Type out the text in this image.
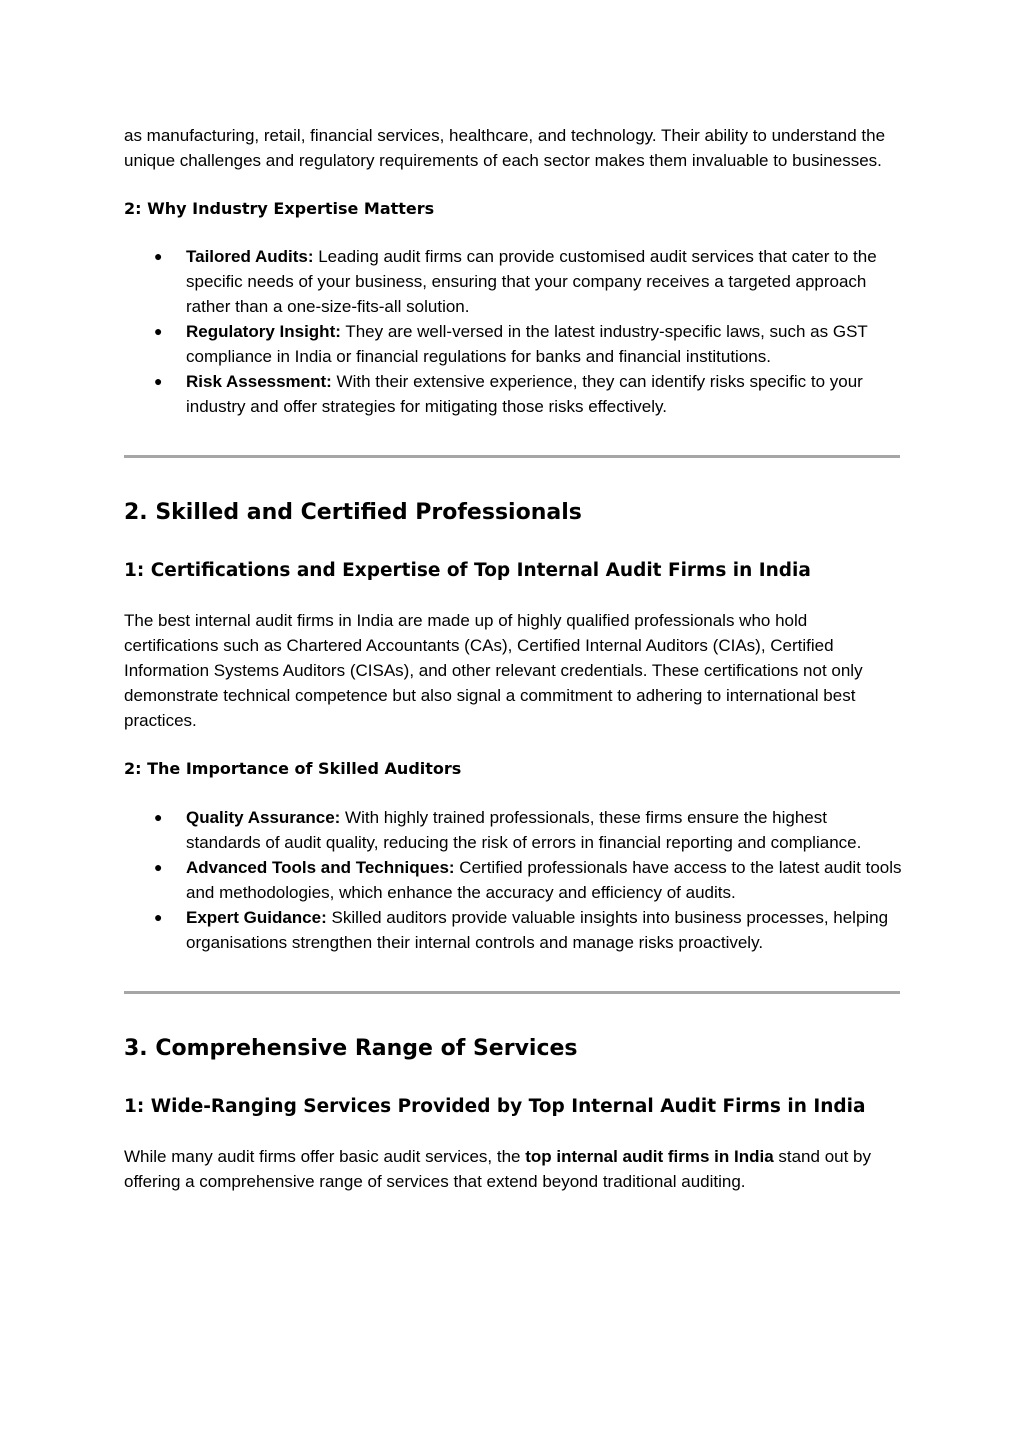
as manufacturing, retail, financial services, healthcare, and technology. Their ability to understand the unique challenges and regulatory requirements of each sector makes them invaluable to businesses.

2: Why Industry Expertise Matters
● Tailored Audits: Leading audit firms can provide customised audit services that cater to the specific needs of your business, ensuring that your company receives a targeted approach rather than a one-size-fits-all solution.
● Regulatory Insight: They are well-versed in the latest industry-specific laws, such as GST compliance in India or financial regulations for banks and financial institutions.
● Risk Assessment: With their extensive experience, they can identify risks specific to your industry and offer strategies for mitigating those risks effectively.
2. Skilled and Certified Professionals
1: Certifications and Expertise of Top Internal Audit Firms in India

The best internal audit firms in India are made up of highly qualified professionals who hold certifications such as Chartered Accountants (CAs), Certified Internal Auditors (CIAs), Certified Information Systems Auditors (CISAs), and other relevant credentials. These certifications not only demonstrate technical competence but also signal a commitment to adhering to international best practices.

2: The Importance of Skilled Auditors
● Quality Assurance: With highly trained professionals, these firms ensure the highest standards of audit quality, reducing the risk of errors in financial reporting and compliance.
● Advanced Tools and Techniques: Certified professionals have access to the latest audit tools and methodologies, which enhance the accuracy and efficiency of audits.
● Expert Guidance: Skilled auditors provide valuable insights into business processes, helping organisations strengthen their internal controls and manage risks proactively.
3. Comprehensive Range of Services
1: Wide-Ranging Services Provided by Top Internal Audit Firms in India

While many audit firms offer basic audit services, the top internal audit firms in India stand out by offering a comprehensive range of services that extend beyond traditional auditing.
